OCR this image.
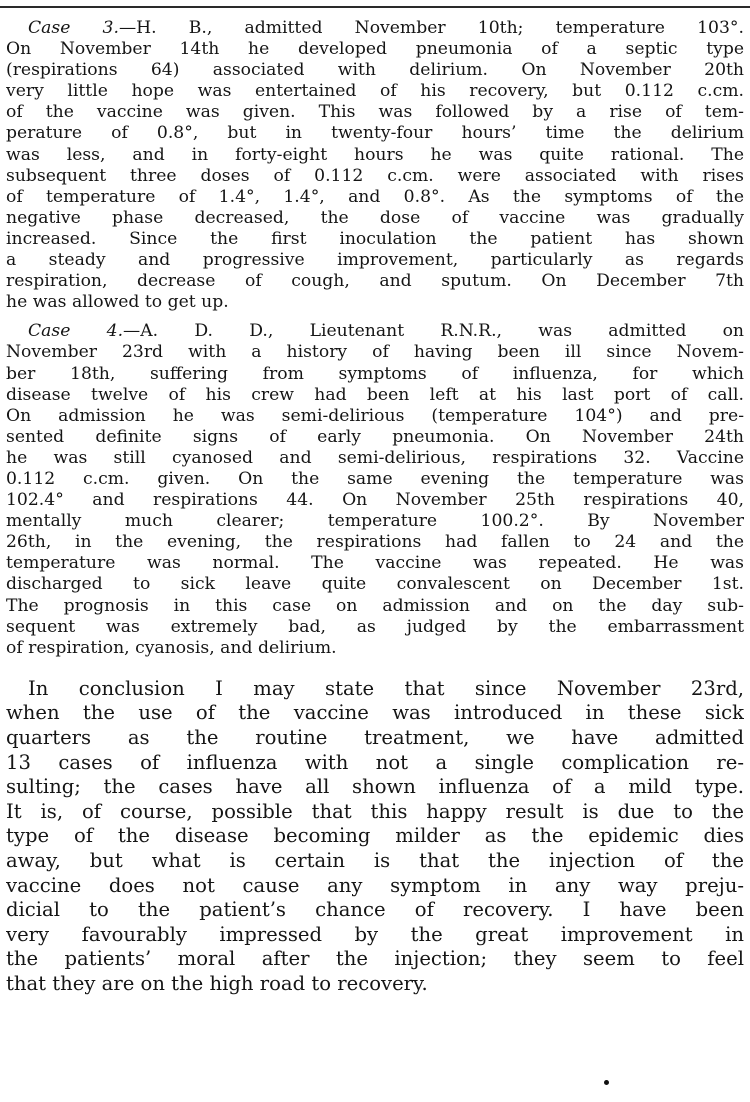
Case 3.—H. B., admitted November 10th; temperature 103°.
On November 14th he developed pneumonia of a septic type
(respirations 64) associated with delirium. On November 20th
very little hope was entertained of his recovery, but 0.112 c.cm.
of the vaccine was given. This was followed by a rise of tem-
perature of 0.8°, but in twenty-four hours’ time the delirium
was less, and in forty-eight hours he was quite rational. The
subsequent three doses of 0.112 c.cm. were associated with rises
of temperature of 1.4°, 1.4°, and 0.8°. As the symptoms of the
negative phase decreased, the dose of vaccine was gradually
increased. Since the first inoculation the patient has shown
a steady and progressive improvement, particularly as regards
respiration, decrease of cough, and sputum. On December 7th
he was allowed to get up.
Case 4.—A. D. D., Lieutenant R.N.R., was admitted on
November 23rd with a history of having been ill since Novem-
ber 18th, suffering from symptoms of influenza, for which
disease twelve of his crew had been left at his last port of call.
On admission he was semi-delirious (temperature 104°) and pre-
sented definite signs of early pneumonia. On November 24th
he was still cyanosed and semi-delirious, respirations 32. Vaccine
0.112 c.cm. given. On the same evening the temperature was
102.4° and respirations 44. On November 25th respirations 40,
mentally much clearer; temperature 100.2°. By November
26th, in the evening, the respirations had fallen to 24 and the
temperature was normal. The vaccine was repeated. He was
discharged to sick leave quite convalescent on December 1st.
The prognosis in this case on admission and on the day sub-
sequent was extremely bad, as judged by the embarrassment
of respiration, cyanosis, and delirium.
In conclusion I may state that since November 23rd,
when the use of the vaccine was introduced in these sick
quarters as the routine treatment, we have admitted
13 cases of influenza with not a single complication re-
sulting; the cases have all shown influenza of a mild type.
It is, of course, possible that this happy result is due to the
type of the disease becoming milder as the epidemic dies
away, but what is certain is that the injection of the
vaccine does not cause any symptom in any way preju-
dicial to the patient’s chance of recovery. I have been
very favourably impressed by the great improvement in
the patients’ moral after the injection; they seem to feel
that they are on the high road to recovery.
